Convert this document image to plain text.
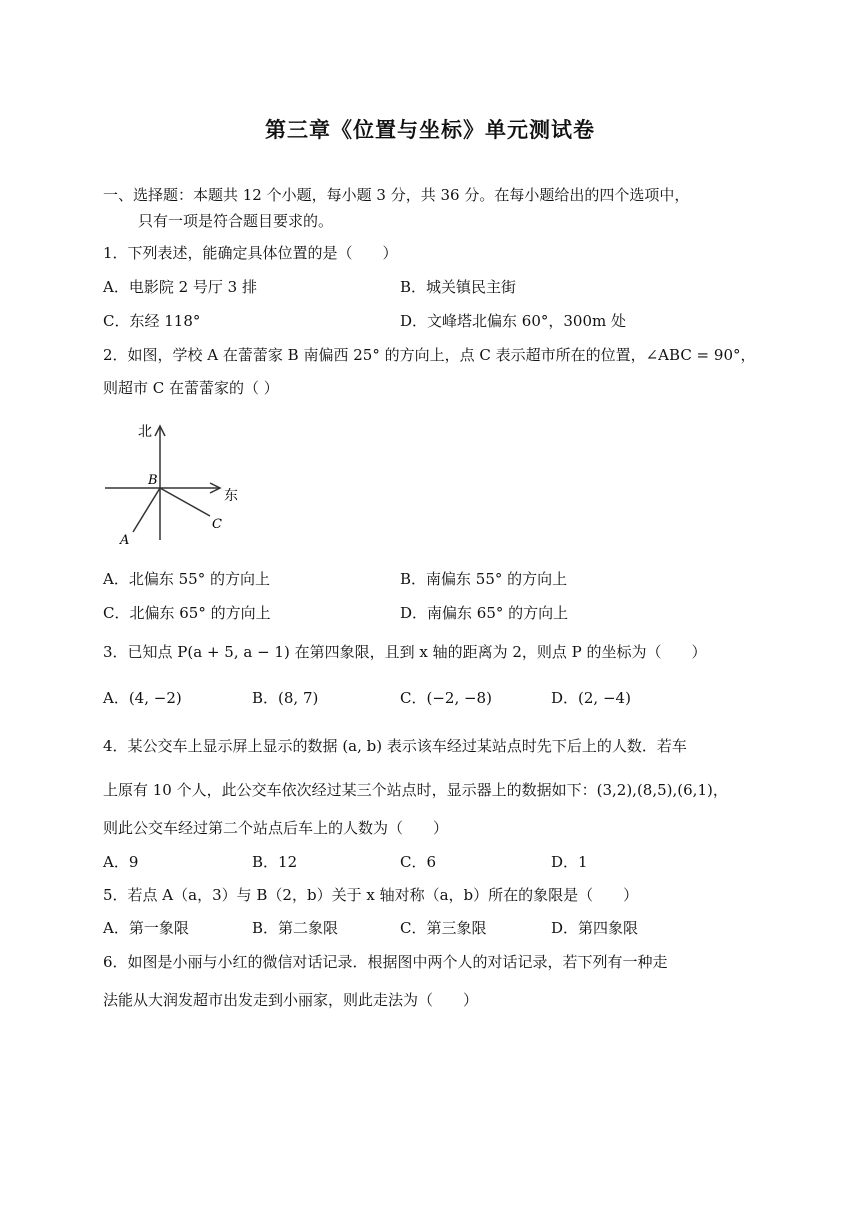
第三章《位置与坐标》单元测试卷
一、选择题：本题共 12 个小题，每小题 3 分，共 36 分。在每小题给出的四个选项中，
只有一项是符合题目要求的。
1．下列表述，能确定具体位置的是（　　）
A．电影院 2 号厅 3 排	B．城关镇民主街
C．东经 118°	D．文峰塔北偏东 60°，300m 处
2．如图，学校 A 在蕾蕾家 B 南偏西 25° 的方向上，点 C 表示超市所在的位置，∠ABC = 90°，
则超市 C 在蕾蕾家的（ ）
北
东
B
A
C
A．北偏东 55° 的方向上	B．南偏东 55° 的方向上
C．北偏东 65° 的方向上	D．南偏东 65° 的方向上
3．已知点 P(a + 5, a − 1) 在第四象限，且到 x 轴的距离为 2，则点 P 的坐标为（　　）
A．(4, −2)	B．(8, 7)	C．(−2, −8)	D．(2, −4)
4．某公交车上显示屏上显示的数据 (a, b) 表示该车经过某站点时先下后上的人数．若车
上原有 10 个人，此公交车依次经过某三个站点时，显示器上的数据如下：(3,2),(8,5),(6,1)，
则此公交车经过第二个站点后车上的人数为（　　）
A．9	B．12	C．6	D．1
5．若点 A（a，3）与 B（2，b）关于 x 轴对称（a，b）所在的象限是（　　）
A．第一象限	B．第二象限	C．第三象限	D．第四象限
6．如图是小丽与小红的微信对话记录．根据图中两个人的对话记录，若下列有一种走
法能从大润发超市出发走到小丽家，则此走法为（　　）
